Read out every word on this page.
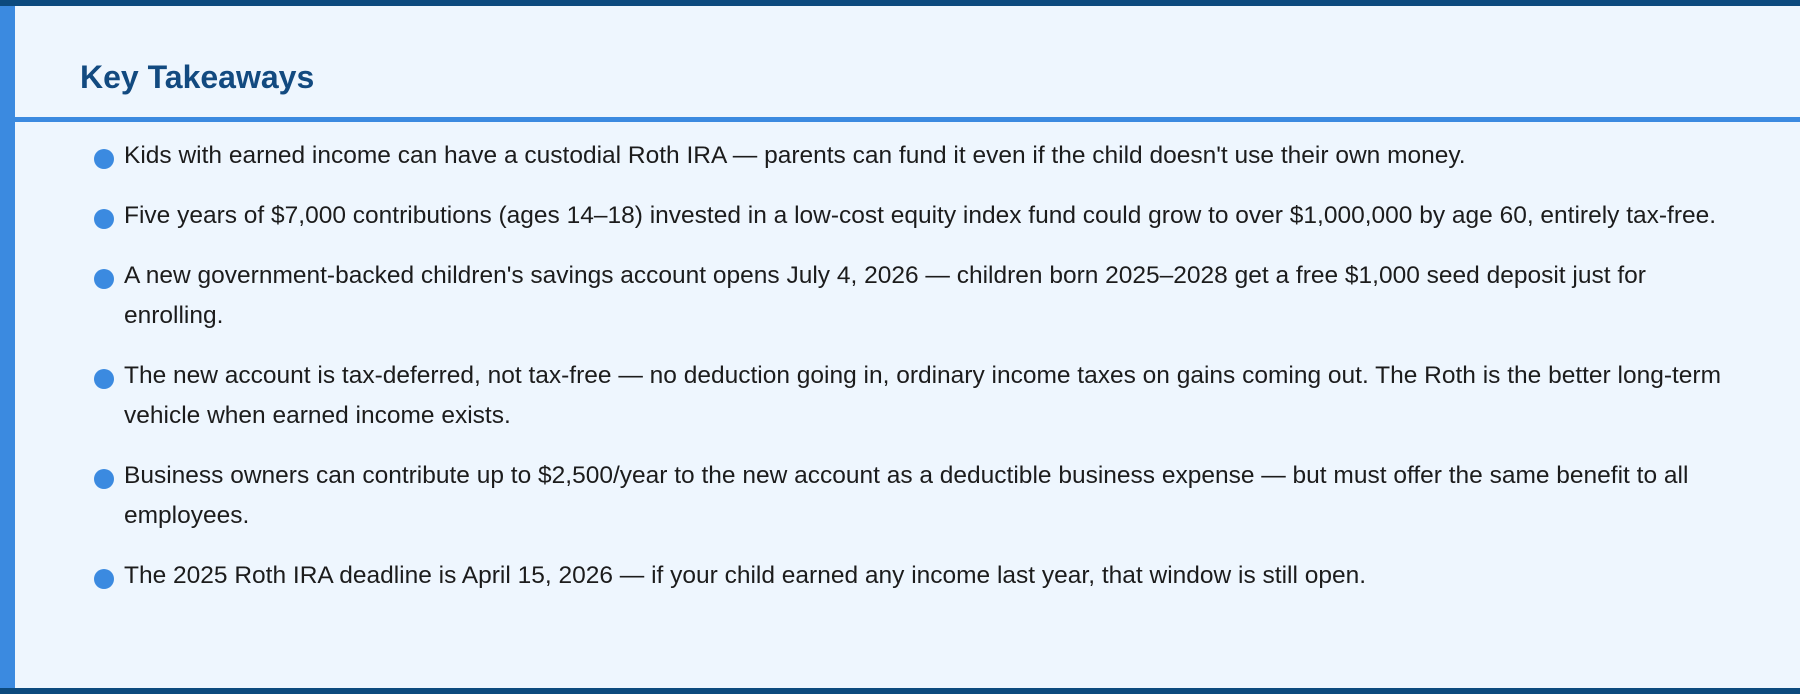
Key Takeaways
Kids with earned income can have a custodial Roth IRA — parents can fund it even if the child doesn't use their own money.
Five years of $7,000 contributions (ages 14–18) invested in a low-cost equity index fund could grow to over $1,000,000 by age 60, entirely tax-free.
A new government-backed children's savings account opens July 4, 2026 — children born 2025–2028 get a free $1,000 seed deposit just for enrolling.
The new account is tax-deferred, not tax-free — no deduction going in, ordinary income taxes on gains coming out. The Roth is the better long-term vehicle when earned income exists.
Business owners can contribute up to $2,500/year to the new account as a deductible business expense — but must offer the same benefit to all employees.
The 2025 Roth IRA deadline is April 15, 2026 — if your child earned any income last year, that window is still open.
